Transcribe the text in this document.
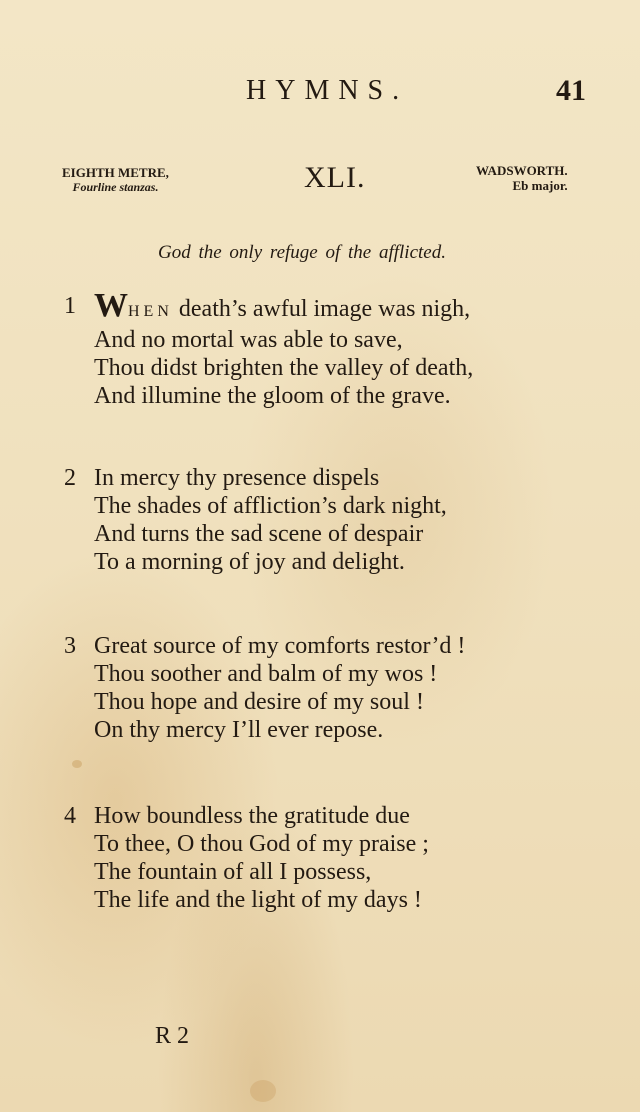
HYMNS.	41
EIGHTH METRE,
Fourline stanzas.	XLI.	WADSWORTH.
Eb major.
God the only refuge of the afflicted.
1 WHEN death’s awful image was nigh,
And no mortal was able to save,
Thou didst brighten the valley of death,
And illumine the gloom of the grave.
2 In mercy thy presence dispels
The shades of affliction’s dark night,
And turns the sad scene of despair
To a morning of joy and delight.
3 Great source of my comforts restor’d !
Thou soother and balm of my wos !
Thou hope and desire of my soul !
On thy mercy I’ll ever repose.
4 How boundless the gratitude due
To thee, O thou God of my praise ;
The fountain of all I possess,
The life and the light of my days !
R 2
